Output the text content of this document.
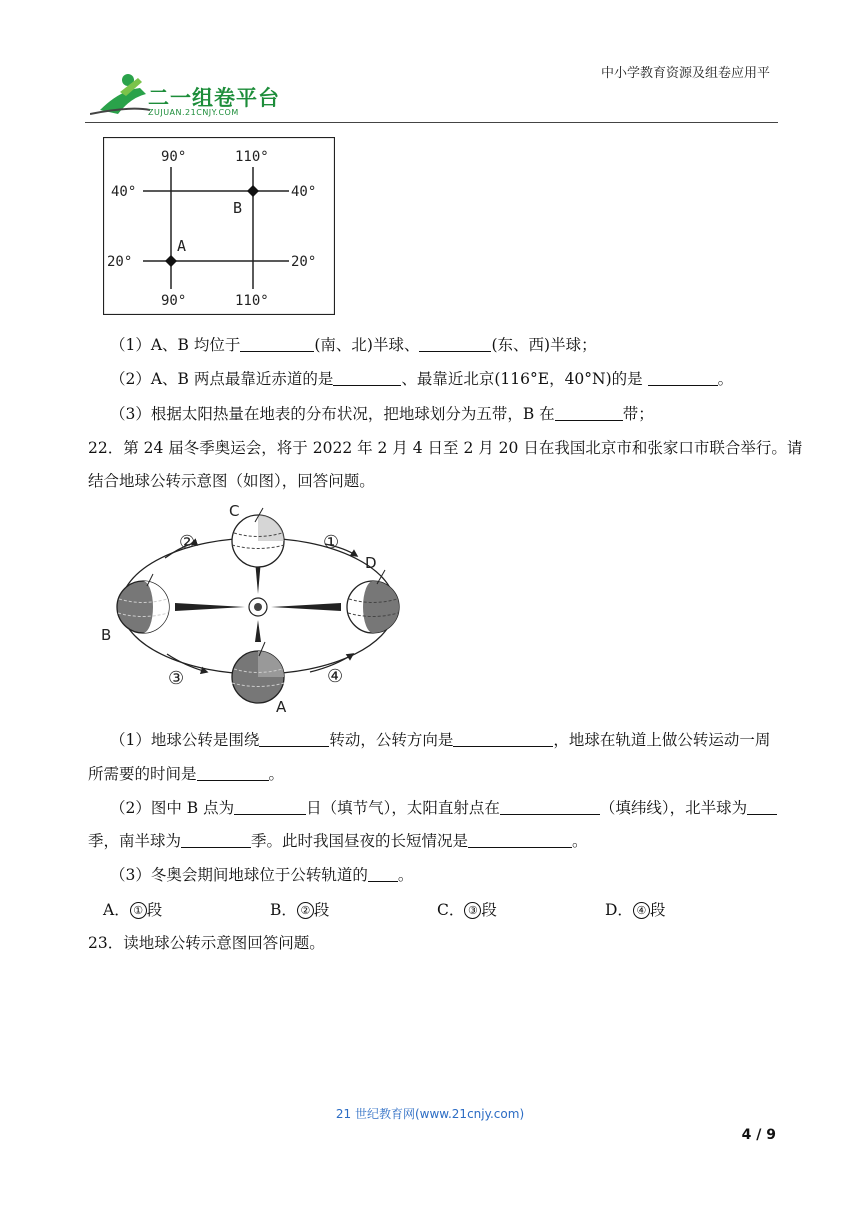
中小学教育资源及组卷应用平
二一组卷平台
ZUJUAN.21CNJY.COM
90°	110°
90°	110°
40°	40°
20°	20°
A
B
（1）A、B 均位于	(南、北)半球、	(东、西)半球；
（2）A、B 两点最靠近赤道的是	、最靠近北京(116°E，40°N)的是	。
（3）根据太阳热量在地表的分布状况，把地球划分为五带，B 在	带；
22．第 24 届冬季奥运会，将于 2022 年 2 月 4 日至 2 月 20 日在我国北京市和张家口市联合举行。请
结合地球公转示意图（如图），回答问题。
C
D
B
A
②	①
③	④
（1）地球公转是围绕	转动，公转方向是	，地球在轨道上做公转运动一周
所需要的时间是	。
（2）图中 B 点为	日（填节气），太阳直射点在	（填纬线），北半球为
季，南半球为	季。此时我国昼夜的长短情况是	。
（3）冬奥会期间地球位于公转轨道的 。
A． ① 段	B． ② 段	C． ③ 段	D． ④ 段
23．读地球公转示意图回答问题。
21 世纪教育网(www.21cnjy.com)
4 / 9
